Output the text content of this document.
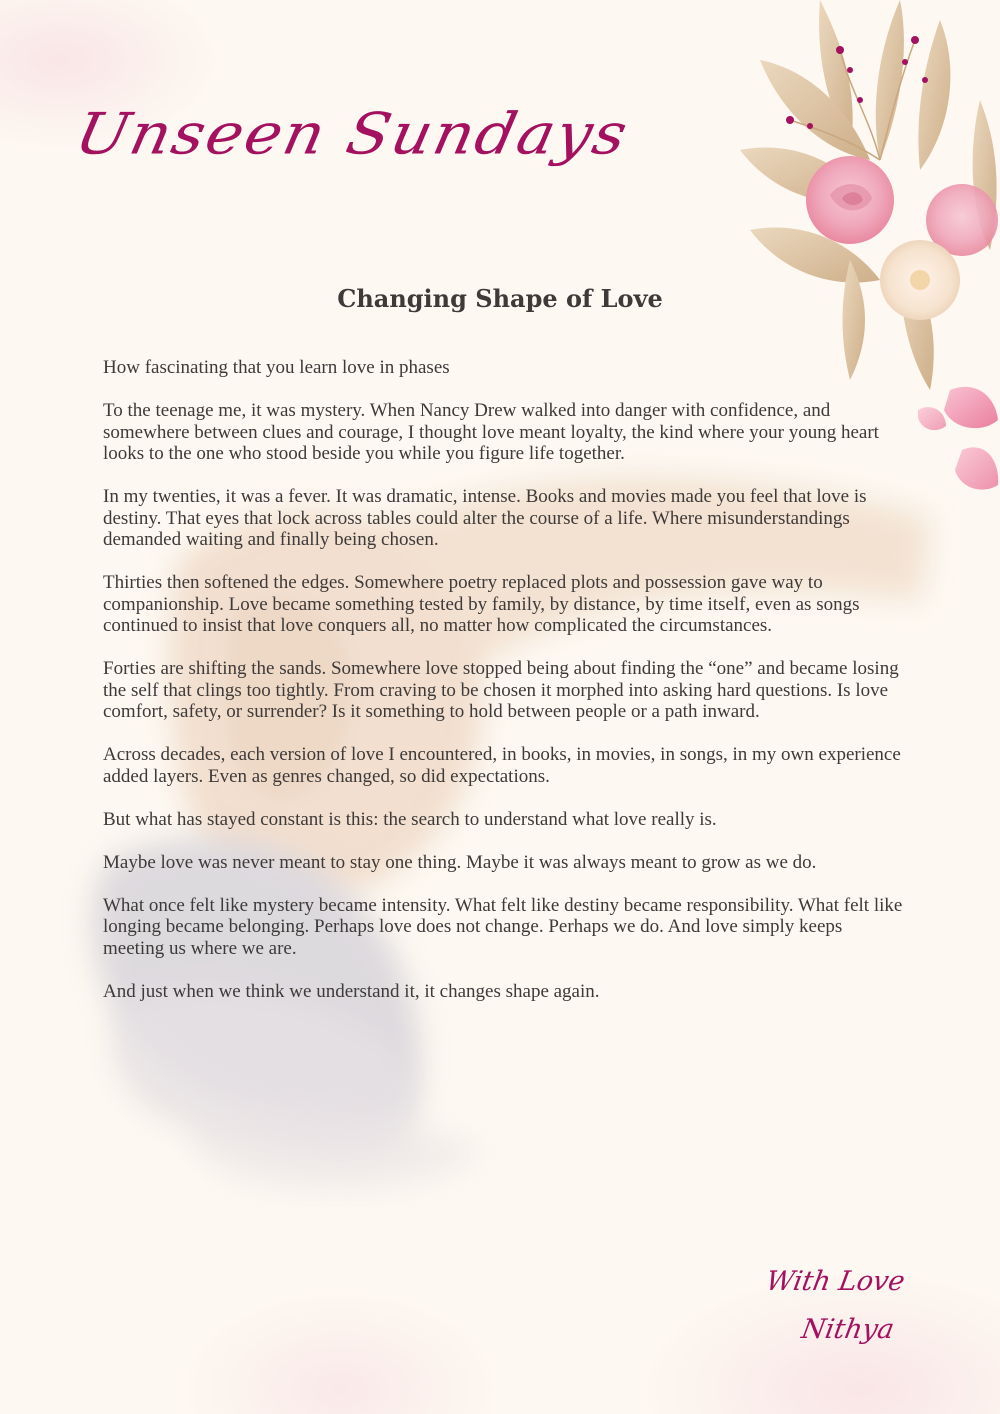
Unseen Sundays
Changing Shape of Love

How fascinating that you learn love in phases

To the teenage me, it was mystery. When Nancy Drew walked into danger with confidence, and somewhere between clues and courage, I thought love meant loyalty, the kind where your young heart looks to the one who stood beside you while you figure life together.

In my twenties, it was a fever. It was dramatic, intense. Books and movies made you feel that love is destiny. That eyes that lock across tables could alter the course of a life. Where misunderstandings demanded waiting and finally being chosen.

Thirties then softened the edges. Somewhere poetry replaced plots and possession gave way to companionship. Love became something tested by family, by distance, by time itself, even as songs continued to insist that love conquers all, no matter how complicated the circumstances.

Forties are shifting the sands. Somewhere love stopped being about finding the “one” and became losing the self that clings too tightly. From craving to be chosen it morphed into asking hard questions. Is love comfort, safety, or surrender? Is it something to hold between people or a path inward.

Across decades, each version of love I encountered, in books, in movies, in songs, in my own experience added layers. Even as genres changed, so did expectations.

But what has stayed constant is this: the search to understand what love really is.

Maybe love was never meant to stay one thing. Maybe it was always meant to grow as we do.

What once felt like mystery became intensity. What felt like destiny became responsibility. What felt like longing became belonging. Perhaps love does not change. Perhaps we do. And love simply keeps meeting us where we are.

And just when we think we understand it, it changes shape again.

With Love
Nithya
